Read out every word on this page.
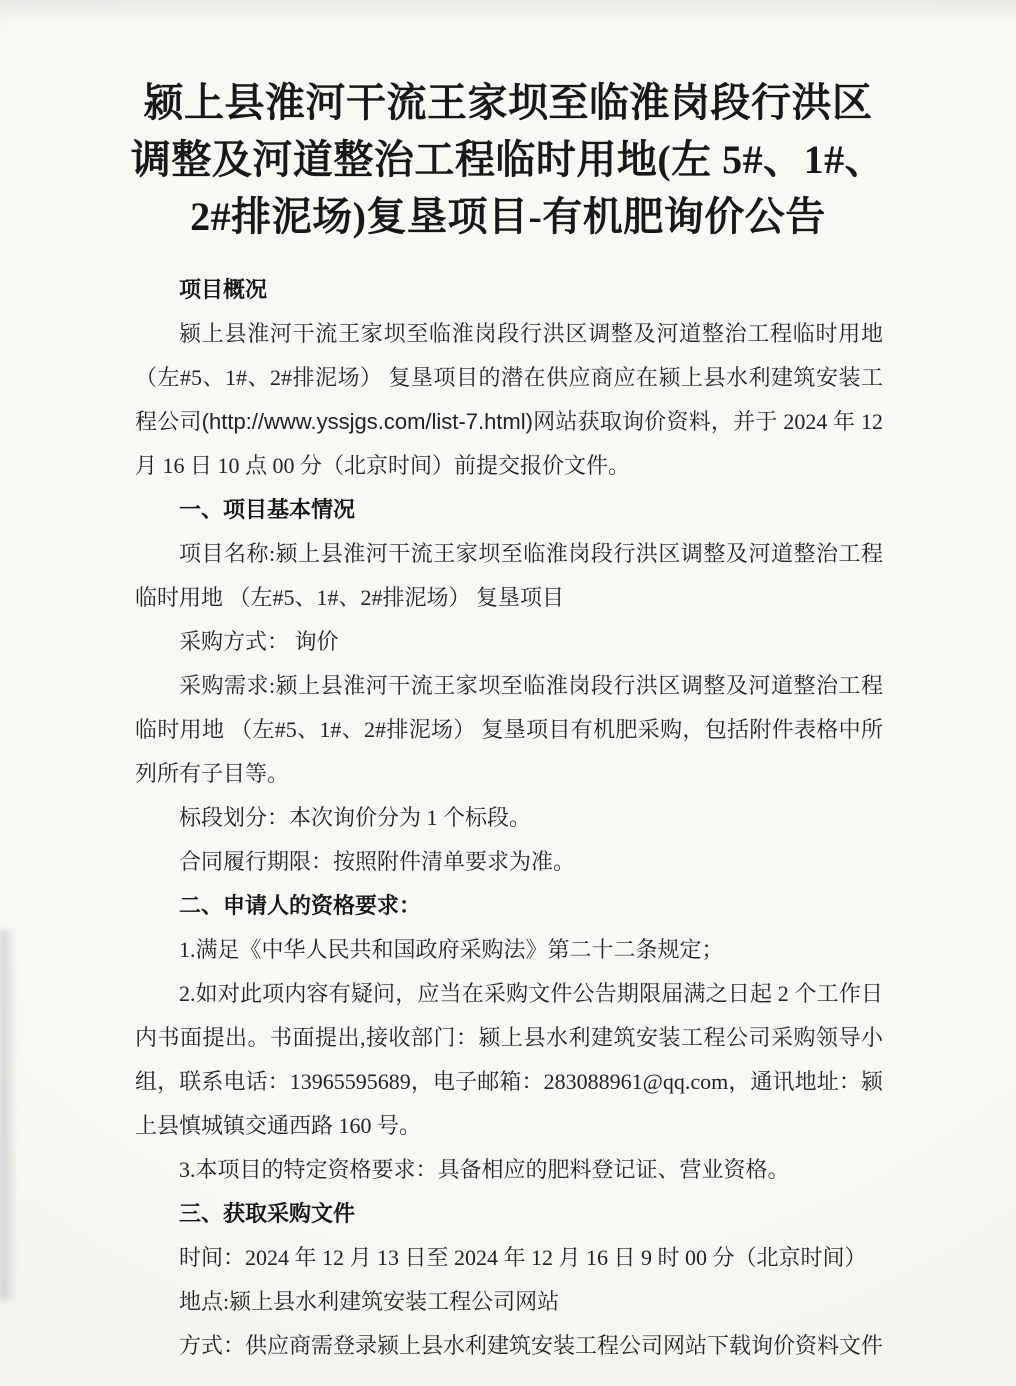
颍上县淮河干流王家坝至临淮岗段行洪区
调整及河道整治工程临时用地(左 5#、1#、
2#排泥场)复垦项目-有机肥询价公告

项目概况

颍上县淮河干流王家坝至临淮岗段行洪区调整及河道整治工程临时用地（左#5、1#、2#排泥场） 复垦项目的潜在供应商应在颍上县水利建筑安装工程公司(http://www.yssjgs.com/list-7.html)网站获取询价资料，并于 2024 年 12 月 16 日 10 点 00 分（北京时间）前提交报价文件。

一、项目基本情况

项目名称:颍上县淮河干流王家坝至临淮岗段行洪区调整及河道整治工程临时用地 （左#5、1#、2#排泥场） 复垦项目

采购方式： 询价

采购需求:颍上县淮河干流王家坝至临淮岗段行洪区调整及河道整治工程临时用地 （左#5、1#、2#排泥场） 复垦项目有机肥采购，包括附件表格中所列所有子目等。

标段划分：本次询价分为 1 个标段。

合同履行期限：按照附件清单要求为准。

二、申请人的资格要求：

1.满足《中华人民共和国政府采购法》第二十二条规定；

2.如对此项内容有疑问，应当在采购文件公告期限届满之日起 2 个工作日内书面提出。书面提出,接收部门：颍上县水利建筑安装工程公司采购领导小组，联系电话：13965595689，电子邮箱：283088961@qq.com，通讯地址：颍上县慎城镇交通西路 160 号。

3.本项目的特定资格要求：具备相应的肥料登记证、营业资格。

三、获取采购文件

时间：2024 年 12 月 13 日至 2024 年 12 月 16 日 9 时 00 分（北京时间）

地点:颍上县水利建筑安装工程公司网站

方式：供应商需登录颍上县水利建筑安装工程公司网站下载询价资料文件
